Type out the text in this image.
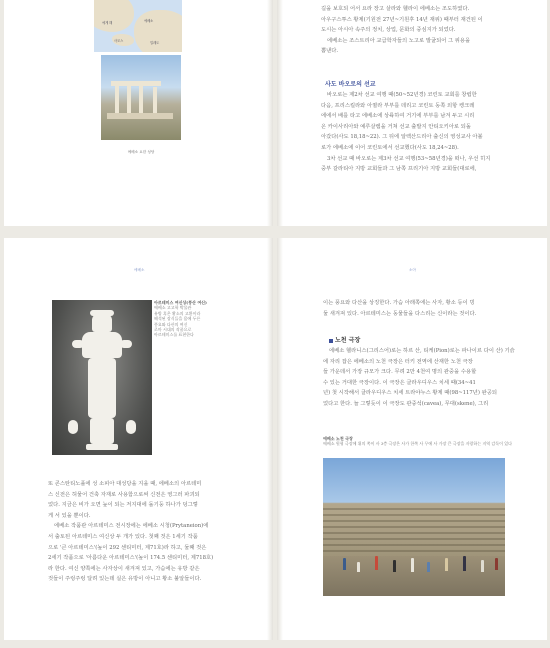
에베소
사모스	밀레도
에게 해
에베소 요한 성당
길을 보호되 어서 요라 장고 살라와 헬라이 에베소는 조도하였다.
아우구스투스 황제(기원전 27년~기원후 14년 재위) 때부터 재건된 이
도시는 아시아 속주의 정치, 상업, 문화의 중심지가 되었다.
에베소는 조스트리아 교급학자들의 노고로 발굴되어 그 위용을
뽐낸다.
사도 바오로의 선교
바오로는 제2차 선교 여행 때(50~52년경) 코린토 교회를 창립한
다음, 프리스킬라와 아퀼라 부부를 데리고 코린토 동쪽 외항 켕크레
에에서 배를 타고 에베소에 상륙하여 거기에 부부를 남겨 두고 시리
온 카이사리아와 예루살렘을 거쳐 선교 출발지 안티오키아로 되돌
아갔다(사도 18,18~22). 그 뒤에 알렉산드리아 출신의 영성교사 아볼
로가 에베소에 이어 코린토에서 선교했다(사도 18,24~28).
3차 선교 때 바오로는 제3차 선교 여행(53~58년경)을 떠나, 우선 히지
중부 갈라티아 지방 교회들과 그 남쪽 프리기아 지방 교회들(대로에,
에베소
아르테미스 여신상(풍산 여신)
에베소 고고학 박물관
유방 혹은 황소의 고환이라
해석된 장식들을 몸에 두른
풍요와 다산의 여신
로마 시대의 작품으로
아르테미스를 표현한다
또 콘스탄티노플에 성 소피아 대성당을 지을 때, 에베소의 아르테미
스 신전은 허물어 건축 자재로 사용함으로써 신전은 영그러 파괴되
었다. 지금은 비가 오면 늪이 되는 저지대에 돌기둥 하나가 덩그렇
게 서 있을 뿐이다.
에베소 작품관 아르테미스 전시장에는 에베소 시청(Prytaneion)에
서 출토된 아르테미스 여신상 두 개가 있다. 첫째 것은 1세기 작품
으로 '큰 아르테미스'(높이 292 센티미터, 제71호)라 하고, 둘째 것은
2세기 작품으로 '아름다운 아르테미스'(높이 174.5 센티미터, 제718호)
라 한다. 여신 양쪽에는 사자상이 새겨져 있고, 가슴에는 유방 같은
것들이 주렁주렁 달려 있는데 실은 유방이 아니고 황소 불알들이다.
소아
이는 풍요와 다산을 상징한다. 가슴 아래쪽에는 사자, 황소 등이 빙
둘 새겨져 있다. 아르테미스는 동물들을 다스리는 신이라는 것이다.
노천 극장
에베소 헬라니스(그리스어)로는 하르 산, 티케(Pion)로는 파나이르 다이 산) 기슭
에 자리 잡은 에베소의 노천 극장은 터키 전역에 산재한 노천 극장
들 가운데서 가장 규모가 크다. 무려 2만 4천여 명의 관중을 수용할
수 있는 거대한 극장이다. 이 극장은 클라우디우스 치세 때(34~41
년) 첫 시작해서 클라우디우스 치세 트라야누스 황제 때(98~117년) 완공되
었다고 한다. 늘 그렇듯이 이 극장도 관중석(cavea), 무대(skene), 그리
에베소 노천 극장
에베소 원형 극장에 위의 쪽이 사 3층 극장은 사가 한쪽 사 무에 사 가장 큰 극장을 자랑하는 지역 감독이 있다
